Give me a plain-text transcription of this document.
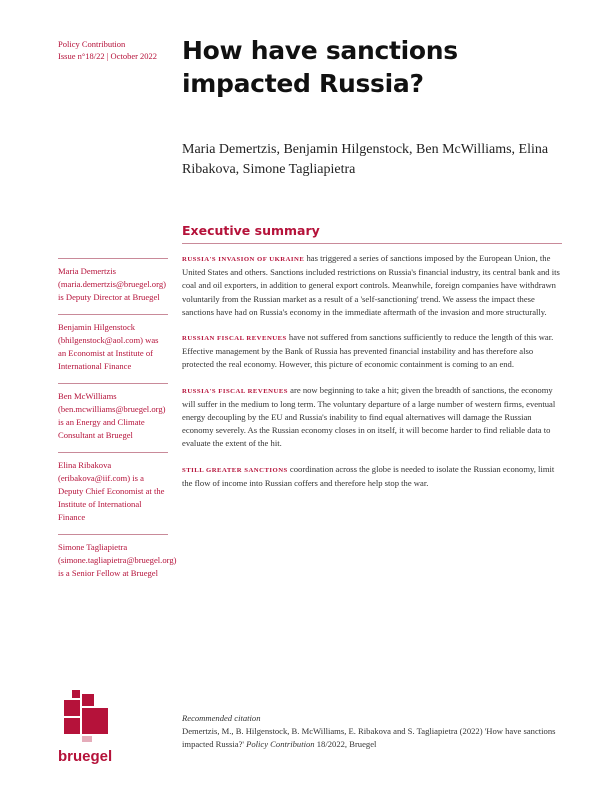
Policy Contribution
Issue n°18/22 | October 2022 How have sanctions impacted Russia?
Maria Demertzis, Benjamin Hilgenstock, Ben McWilliams, Elina Ribakova, Simone Tagliapietra
Executive summary

RUSSIA'S INVASION OF UKRAINE has triggered a series of sanctions imposed by the European Union, the United States and others. Sanctions included restrictions on Russia's financial industry, its central bank and its coal and oil exporters, in addition to general export controls. Meanwhile, foreign companies have withdrawn voluntarily from the Russian market as a result of a 'self-sanctioning' trend. We assess the impact these sanctions have had on Russia's economy in the immediate aftermath of the invasion and more structurally.

RUSSIAN FISCAL REVENUES have not suffered from sanctions sufficiently to reduce the length of this war. Effective management by the Bank of Russia has prevented financial instability and has therefore also protected the real economy. However, this picture of economic containment is coming to an end.

RUSSIA'S FISCAL REVENUES are now beginning to take a hit; given the breadth of sanctions, the economy will suffer in the medium to long term. The voluntary departure of a large number of western firms, eventual energy decoupling by the EU and Russia's inability to find equal alternatives will damage the Russian economy severely. As the Russian economy closes in on itself, it will become harder to find reliable data to evaluate the extent of the hit.

STILL GREATER SANCTIONS coordination across the globe is needed to isolate the Russian economy, limit the flow of income into Russian coffers and therefore help stop the war.

Maria Demertzis (maria.demertzis@bruegel.org) is Deputy Director at Bruegel
Benjamin Hilgenstock (bhilgenstock@aol.com) was an Economist at Institute of International Finance
Ben McWilliams (ben.mcwilliams@bruegel.org) is an Energy and Climate Consultant at Bruegel
Elina Ribakova (eribakova@iif.com) is a Deputy Chief Economist at the Institute of International Finance
Simone Tagliapietra (simone.tagliapietra@bruegel.org) is a Senior Fellow at Bruegel
bruegel
Recommended citation
Demertzis, M., B. Hilgenstock, B. McWilliams, E. Ribakova and S. Tagliapietra (2022) 'How have sanctions impacted Russia?' Policy Contribution 18/2022, Bruegel
